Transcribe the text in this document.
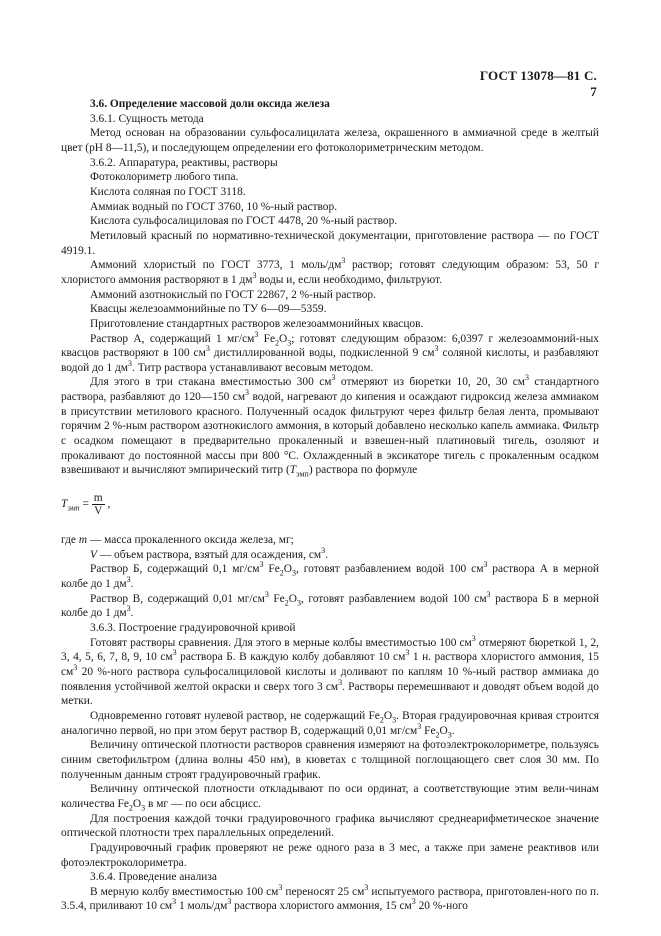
ГОСТ 13078—81 С. 7

3.6. Определение массовой доли оксида железа

3.6.1. Сущность метода

Метод основан на образовании сульфосалицилата железа, окрашенного в аммиачной среде в желтый цвет (рН 8—11,5), и последующем определении его фотоколориметрическим методом.

3.6.2. Аппаратура, реактивы, растворы

Фотоколориметр любого типа.

Кислота соляная по ГОСТ 3118.

Аммиак водный по ГОСТ 3760, 10 %-ный раствор.

Кислота сульфосалициловая по ГОСТ 4478, 20 %-ный раствор.

Метиловый красный по нормативно-технической документации, приготовление раствора — по ГОСТ 4919.1.

Аммоний хлористый по ГОСТ 3773, 1 моль/$дм^3$ раствор; готовят следующим образом: 53, 50 г хлористого аммония растворяют в 1 $дм^3$ воды и, если необходимо, фильтруют.

Аммоний азотнокислый по ГОСТ 22867, 2 %-ный раствор.

Квасцы железоаммонийные по ТУ 6—09—5359.

Приготовление стандартных растворов железоаммонийных квасцов.

Раствор А, содержащий 1 $мг/см^3$ $Fe_2O_3$; готовят следующим образом: 6,0397 г железоаммоний-ных квасцов растворяют в 100 $см^3$ дистиллированной воды, подкисленной 9 $см^3$ соляной кислоты, и разбавляют водой до 1 $дм^3$. Титр раствора устанавливают весовым методом.

Для этого в три стакана вместимостью 300 $см^3$ отмеряют из бюретки 10, 20, 30 $см^3$ стандартного раствора, разбавляют до 120—150 $см^3$ водой, нагревают до кипения и осаждают гидроксид железа аммиаком в присутствии метилового красного. Полученный осадок фильтруют через фильтр белая лента, промывают горячим 2 %-ным раствором азотнокислого аммония, в который добавлено несколько капель аммиака. Фильтр с осадком помещают в предварительно прокаленный и взвешен-ный платиновый тигель, озоляют и прокаливают до постоянной массы при 800 °С. Охлажденный в эксикаторе тигель с прокаленным осадком взвешивают и вычисляют эмпирический титр $(T_{эмп})$ раствора по формуле

$T_{эмп} = \frac{m}{V}$ ,

где m — масса прокаленного оксида железа, мг;

V — объем раствора, взятый для осаждения, $см^3$.

Раствор Б, содержащий 0,1 $мг/см^3$ $Fe_2O_3$, готовят разбавлением водой 100 $см^3$ раствора А в мерной колбе до 1 $дм^3$.

Раствор В, содержащий 0,01 $мг/см^3$ $Fe_2O_3$, готовят разбавлением водой 100 $см^3$ раствора Б в мерной колбе до 1 $дм^3$.

3.6.3. Построение градуировочной кривой

Готовят растворы сравнения. Для этого в мерные колбы вместимостью 100 $см^3$ отмеряют бюреткой 1, 2, 3, 4, 5, 6, 7, 8, 9, 10 $см^3$ раствора Б. В каждую колбу добавляют 10 $см^3$ 1 н. раствора хлористого аммония, 15 $см^3$ 20 %-ного раствора сульфосалициловой кислоты и доливают по каплям 10 %-ный раствор аммиака до появления устойчивой желтой окраски и сверх того 3 $см^3$. Растворы перемешивают и доводят объем водой до метки.

Одновременно готовят нулевой раствор, не содержащий $Fe_2O_3$. Вторая градуировочная кривая строится аналогично первой, но при этом берут раствор В, содержащий 0,01 $мг/см^3$ $Fe_2O_3$.

Величину оптической плотности растворов сравнения измеряют на фотоэлектроколориметре, пользуясь синим светофильтром (длина волны 450 нм), в кюветах с толщиной поглощающего свет слоя 30 мм. По полученным данным строят градуировочный график.

Величину оптической плотности откладывают по оси ординат, а соответствующие этим вели-чинам количества $Fe_2O_3$ в мг — по оси абсцисс.

Для построения каждой точки градуировочного графика вычисляют среднеарифметическое значение оптической плотности трех параллельных определений.

Градуировочный график проверяют не реже одного раза в 3 мес, а также при замене реактивов или фотоэлектроколориметра.

3.6.4. Проведение анализа

В мерную колбу вместимостью 100 $см^3$ переносят 25 $см^3$ испытуемого раствора, приготовлен-ного по п. 3.5.4, приливают 10 $см^3$ 1 моль/$дм^3$ раствора хлористого аммония, 15 $см^3$ 20 %-ного
